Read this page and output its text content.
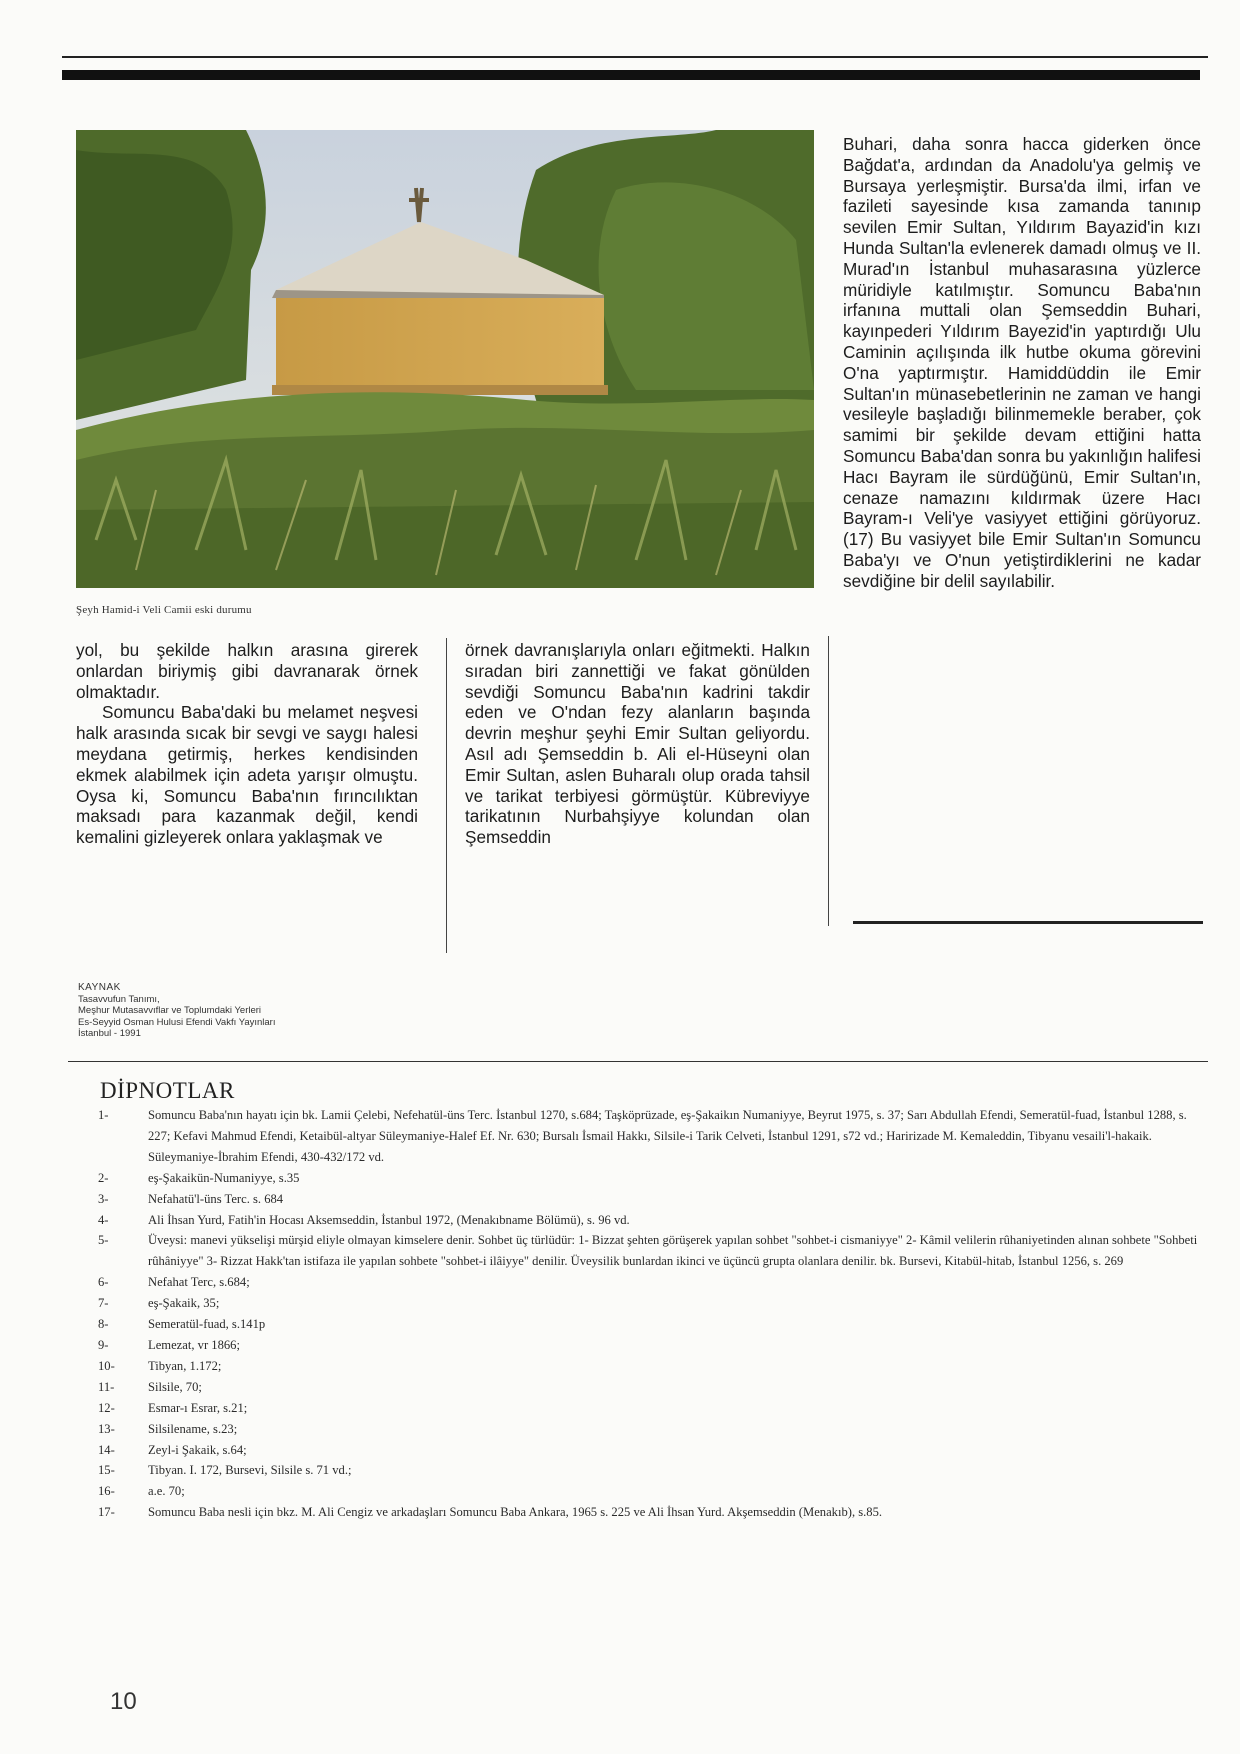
Şeyh Hamid-i Veli Camii eski durumu

yol, bu şekilde halkın arasına girerek onlardan biriymiş gibi davranarak örnek olmaktadır.

Somuncu Baba'daki bu melamet neşvesi halk arasında sıcak bir sevgi ve saygı halesi meydana getirmiş, herkes kendisinden ekmek alabilmek için adeta yarışır olmuştu. Oysa ki, Somuncu Baba'nın fırıncılıktan maksadı para kazanmak değil, kendi kemalini gizleyerek onlara yaklaşmak ve

örnek davranışlarıyla onları eğitmekti. Halkın sıradan biri zannettiği ve fakat gönülden sevdiği Somuncu Baba'nın kadrini takdir eden ve O'ndan fezy alanların başında devrin meşhur şeyhi Emir Sultan geliyordu. Asıl adı Şemseddin b. Ali el-Hüseyni olan Emir Sultan, aslen Buharalı olup orada tahsil ve tarikat terbiyesi görmüştür. Kübreviyye tarikatının Nurbahşiyye kolundan olan Şemseddin

Buhari, daha sonra hacca giderken önce Bağdat'a, ardından da Anadolu'ya gelmiş ve Bursaya yerleşmiştir. Bursa'da ilmi, irfan ve fazileti sayesinde kısa zamanda tanınıp sevilen Emir Sultan, Yıldırım Bayazid'in kızı Hunda Sultan'la evlenerek damadı olmuş ve II. Murad'ın İstanbul muhasarasına yüzlerce müridiyle katılmıştır. Somuncu Baba'nın irfanına muttali olan Şemseddin Buhari, kayınpederi Yıldırım Bayezid'in yaptırdığı Ulu Caminin açılışında ilk hutbe okuma görevini O'na yaptırmıştır. Hamiddüddin ile Emir Sultan'ın münasebetlerinin ne zaman ve hangi vesileyle başladığı bilinmemekle beraber, çok samimi bir şekilde devam ettiğini hatta Somuncu Baba'dan sonra bu yakınlığın halifesi Hacı Bayram ile sürdüğünü, Emir Sultan'ın, cenaze namazını kıldırmak üzere Hacı Bayram-ı Veli'ye vasiyyet ettiğini görüyoruz. (17) Bu vasiyyet bile Emir Sultan'ın Somuncu Baba'yı ve O'nun yetiştirdiklerini ne kadar sevdiğine bir delil sayılabilir.

KAYNAK
Tasavvufun Tanımı,
Meşhur Mutasavvıflar ve Toplumdaki Yerleri
Es-Seyyid Osman Hulusi Efendi Vakfı Yayınları
İstanbul - 1991
DİPNOTLAR
1-	Somuncu Baba'nın hayatı için bk. Lamii Çelebi, Nefehatül-üns Terc. İstanbul 1270, s.684; Taşköprüzade, eş-Şakaikın Numaniyye, Beyrut 1975, s. 37; Sarı Abdullah Efendi, Semeratül-fuad, İstanbul 1288, s. 227; Kefavi Mahmud Efendi, Ketaibül-altyar Süleymaniye-Halef Ef. Nr. 630; Bursalı İsmail Hakkı, Silsile-i Tarik Celveti, İstanbul 1291, s72 vd.; Haririzade M. Kemaleddin, Tibyanu vesaili'l-hakaik. Süleymaniye-İbrahim Efendi, 430-432/172 vd.
2-	eş-Şakaikün-Numaniyye, s.35
3-	Nefahatü'l-üns Terc. s. 684
4-	Ali İhsan Yurd, Fatih'in Hocası Aksemseddin, İstanbul 1972, (Menakıbname Bölümü), s. 96 vd.
5-	Üveysi: manevi yükselişi mürşid eliyle olmayan kimselere denir. Sohbet üç türlüdür: 1- Bizzat şehten görüşerek yapılan sohbet "sohbet-i cismaniyye" 2- Kâmil velilerin rûhaniyetinden alınan sohbete "Sohbeti rûhâniyye" 3- Rizzat Hakk'tan istifaza ile yapılan sohbete "sohbet-i ilâiyye" denilir. Üveysilik bunlardan ikinci ve üçüncü grupta olanlara denilir. bk. Bursevi, Kitabül-hitab, İstanbul 1256, s. 269
6-	Nefahat Terc, s.684;
7-	eş-Şakaik, 35;
8-	Semeratül-fuad, s.141p
9-	Lemezat, vr 1866;
10-	Tibyan, 1.172;
11-	Silsile, 70;
12-	Esmar-ı Esrar, s.21;
13-	Silsilename, s.23;
14-	Zeyl-i Şakaik, s.64;
15-	Tibyan. I. 172, Bursevi, Silsile s. 71 vd.;
16-	a.e. 70;
17-	Somuncu Baba nesli için bkz. M. Ali Cengiz ve arkadaşları Somuncu Baba Ankara, 1965 s. 225 ve Ali İhsan Yurd. Akşemseddin (Menakıb), s.85.
10
